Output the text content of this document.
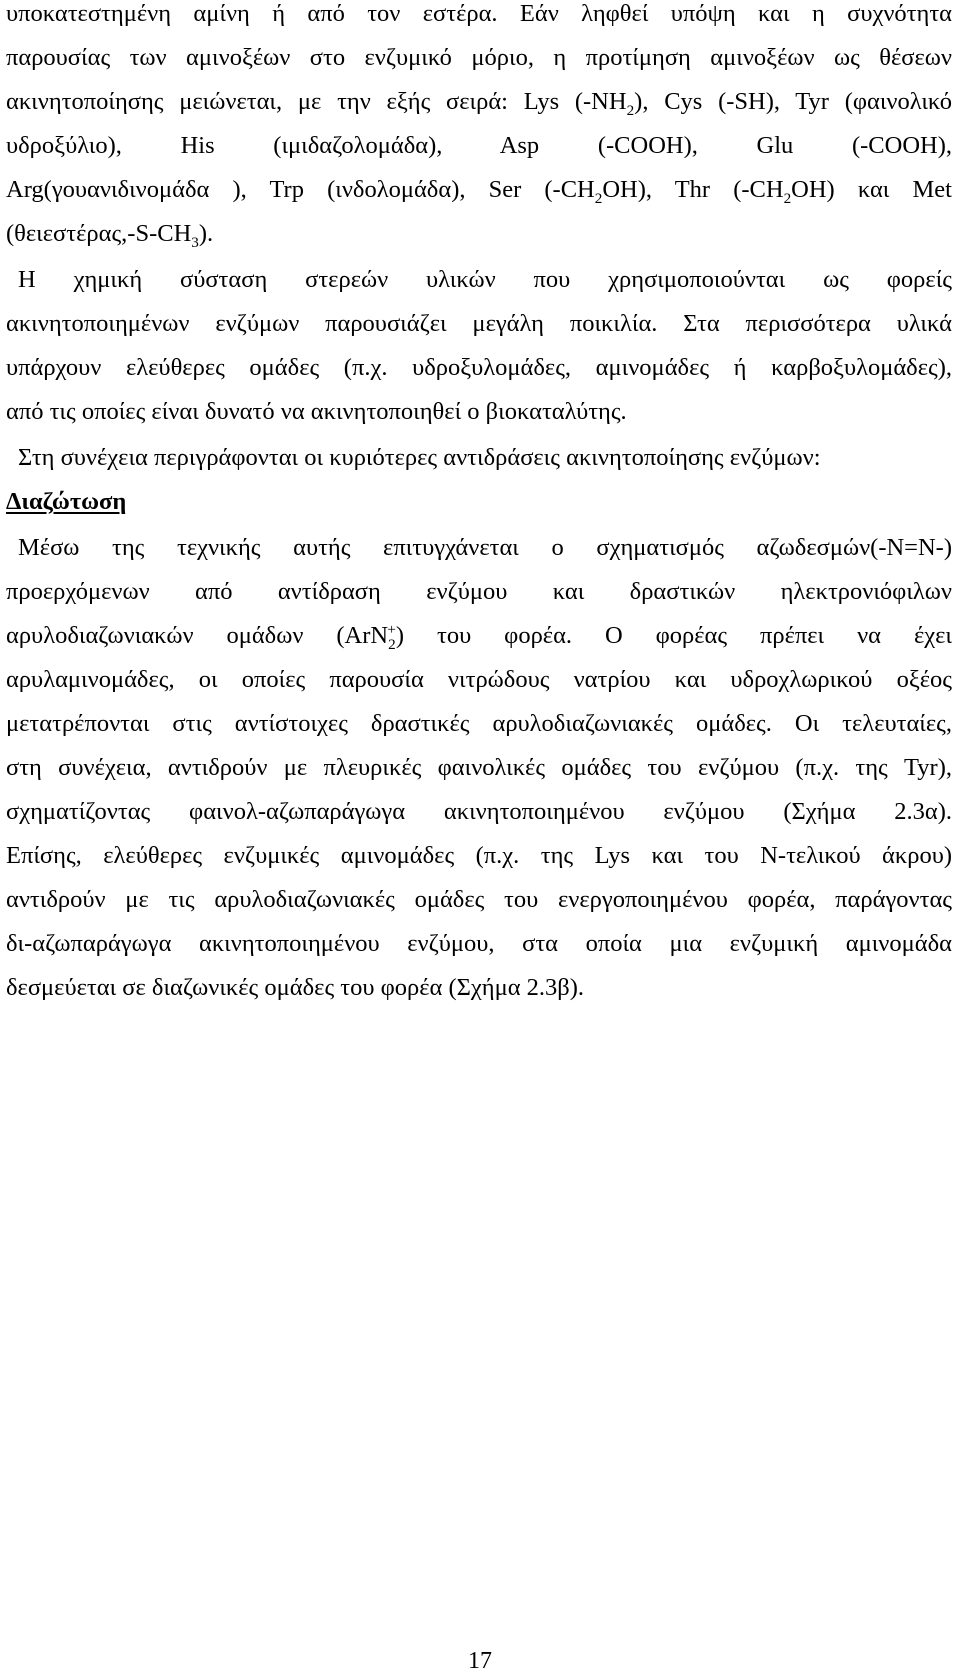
υποκατεστημένη αμίνη ή από τον εστέρα. Εάν ληφθεί υπόψη και η συχνότητα
παρουσίας των αμινοξέων στο ενζυμικό μόριο, η προτίμηση αμινοξέων ως θέσεων
ακινητοποίησης μειώνεται, με την εξής σειρά: Lys $(-NH_2)$, Cys (-SH), Tyr (φαινολικό
υδροξύλιο), His (ιμιδαζολομάδα), Asp (-COOH), Glu (-COOH),
Arg(γουανιδινομάδα ), Trp (ινδολομάδα), Ser $(-CH_2OH)$, Thr $(-CH_2OH)$ και Met
$(\theta\varepsilon\iota\varepsilon\sigma\tau έ\rho\alpha\varsigma,-S-CH_3)$.
Η χημική σύσταση στερεών υλικών που χρησιμοποιούνται ως φορείς
ακινητοποιημένων ενζύμων παρουσιάζει μεγάλη ποικιλία. Στα περισσότερα υλικά
υπάρχουν ελεύθερες ομάδες (π.χ. υδροξυλομάδες, αμινομάδες ή καρβοξυλομάδες),
από τις οποίες είναι δυνατό να ακινητοποιηθεί ο βιοκαταλύτης.
Στη συνέχεια περιγράφονται οι κυριότερες αντιδράσεις ακινητοποίησης ενζύμων:
Διαζώτωση
Μέσω της τεχνικής αυτής επιτυγχάνεται ο σχηματισμός αζωδεσμών(-N=N-)
προερχόμενων από αντίδραση ενζύμου και δραστικών ηλεκτρονιόφιλων
αρυλοδιαζωνιακών ομάδων (ArN$_2$+) του φορέα. Ο φορέας πρέπει να έχει
αρυλαμινομάδες, οι οποίες παρουσία νιτρώδους νατρίου και υδροχλωρικού οξέος
μετατρέπονται στις αντίστοιχες δραστικές αρυλοδιαζωνιακές ομάδες. Οι τελευταίες,
στη συνέχεια, αντιδρούν με πλευρικές φαινολικές ομάδες του ενζύμου (π.χ. της Tyr),
σχηματίζοντας φαινολ-αζωπαράγωγα ακινητοποιημένου ενζύμου (Σχήμα 2.3α).
Επίσης, ελεύθερες ενζυμικές αμινομάδες (π.χ. της Lys και του N-τελικού άκρου)
αντιδρούν με τις αρυλοδιαζωνιακές ομάδες του ενεργοποιημένου φορέα, παράγοντας
δι-αζωπαράγωγα ακινητοποιημένου ενζύμου, στα οποία μια ενζυμική αμινομάδα
δεσμεύεται σε διαζωνικές ομάδες του φορέα (Σχήμα 2.3β).
17
